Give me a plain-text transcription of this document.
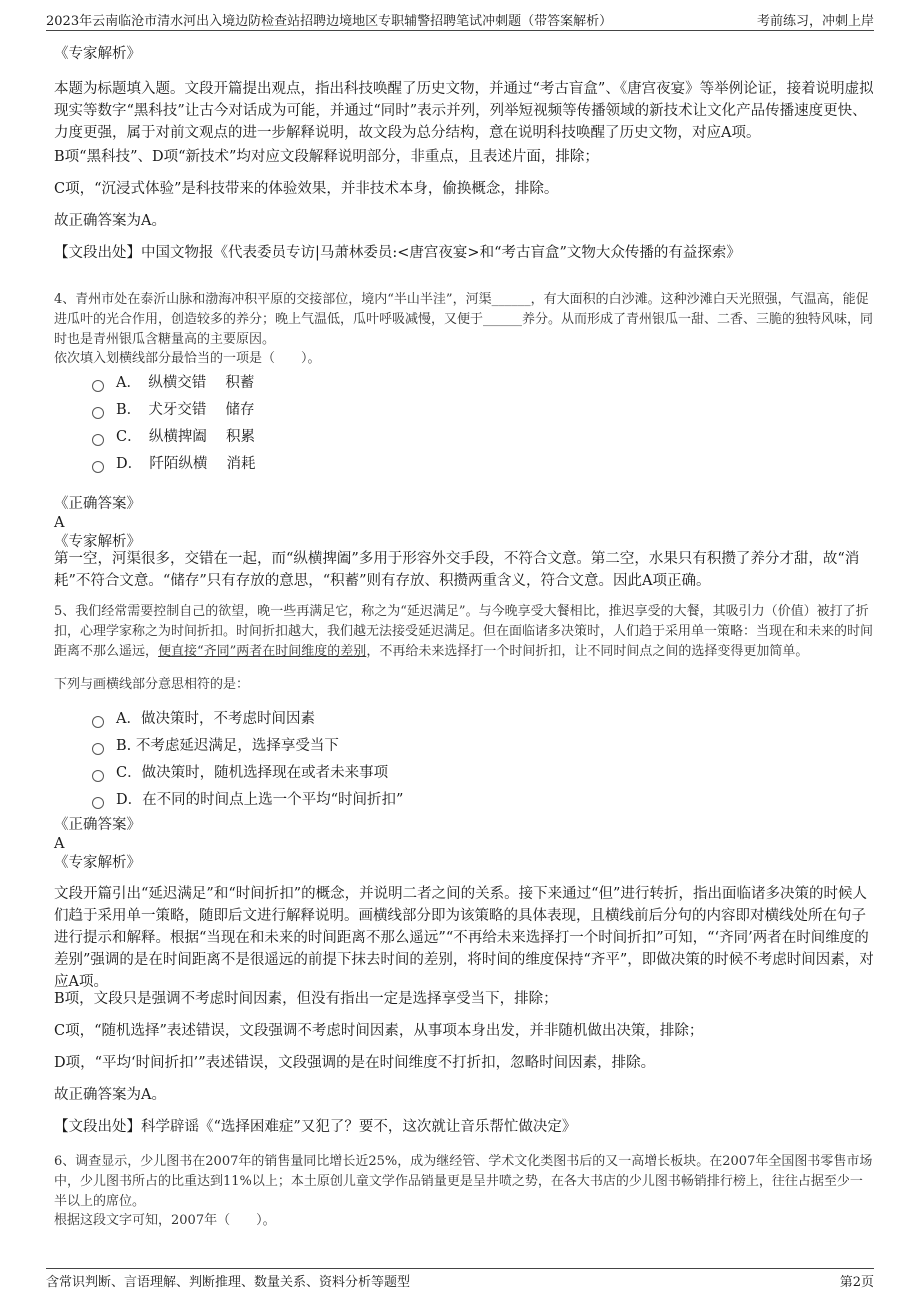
2023年云南临沧市清水河出入境边防检查站招聘边境地区专职辅警招聘笔试冲刺题（带答案解析）	考前练习，冲刺上岸
《专家解析》
本题为标题填入题。文段开篇提出观点，指出科技唤醒了历史文物，并通过“考古盲盒”、《唐宫夜宴》等举例论证，接着说明虚拟现实等数字“黑科技”让古今对话成为可能，并通过“同时”表示并列，列举短视频等传播领域的新技术让文化产品传播速度更快、力度更强，属于对前文观点的进一步解释说明，故文段为总分结构，意在说明科技唤醒了历史文物，对应A项。
B项“黑科技”、D项“新技术”均对应文段解释说明部分，非重点，且表述片面，排除；
C项，“沉浸式体验”是科技带来的体验效果，并非技术本身，偷换概念，排除。
故正确答案为A。
【文段出处】中国文物报《代表委员专访|马萧林委员:<唐宫夜宴>和“考古盲盒”文物大众传播的有益探索》
4、青州市处在泰沂山脉和渤海冲积平原的交接部位，境内“半山半洼”，河渠______，有大面积的白沙滩。这种沙滩白天光照强，气温高，能促进瓜叶的光合作用，创造较多的养分；晚上气温低，瓜叶呼吸减慢，又便于______养分。从而形成了青州银瓜一甜、二香、三脆的独特风味，同时也是青州银瓜含糖量高的主要原因。
依次填入划横线部分最恰当的一项是（　　）。
A．　纵横交错　 积蓄
B．　犬牙交错　 储存
C．　纵横捭阖　 积累
D．　阡陌纵横　 消耗
《正确答案》
A
《专家解析》
第一空，河渠很多，交错在一起，而“纵横捭阖”多用于形容外交手段，不符合文意。第二空，水果只有积攒了养分才甜，故“消耗”不符合文意。“储存”只有存放的意思，“积蓄”则有存放、积攒两重含义，符合文意。因此A项正确。
5、我们经常需要控制自己的欲望，晚一些再满足它，称之为“延迟满足”。与今晚享受大餐相比，推迟享受的大餐，其吸引力（价值）被打了折扣，心理学家称之为时间折扣。时间折扣越大，我们越无法接受延迟满足。但在面临诸多决策时，人们趋于采用单一策略：当现在和未来的时间距离不那么遥远，便直接“齐同”两者在时间维度的差别，不再给未来选择打一个时间折扣，让不同时间点之间的选择变得更加简单。
下列与画横线部分意思相符的是：
A．做决策时，不考虑时间因素
B. 不考虑延迟满足，选择享受当下
C．做决策时，随机选择现在或者未来事项
D．在不同的时间点上选一个平均“时间折扣”
《正确答案》
A
《专家解析》
文段开篇引出“延迟满足”和“时间折扣”的概念，并说明二者之间的关系。接下来通过“但”进行转折，指出面临诸多决策的时候人们趋于采用单一策略，随即后文进行解释说明。画横线部分即为该策略的具体表现，且横线前后分句的内容即对横线处所在句子进行提示和解释。根据“当现在和未来的时间距离不那么遥远”“不再给未来选择打一个时间折扣”可知，“‘齐同’两者在时间维度的差别”强调的是在时间距离不是很遥远的前提下抹去时间的差别，将时间的维度保持“齐平”，即做决策的时候不考虑时间因素，对应A项。
B项，文段只是强调不考虑时间因素，但没有指出一定是选择享受当下，排除；
C项，“随机选择”表述错误，文段强调不考虑时间因素，从事项本身出发，并非随机做出决策，排除；
D项，“平均‘时间折扣’”表述错误，文段强调的是在时间维度不打折扣，忽略时间因素，排除。
故正确答案为A。
【文段出处】科学辟谣《“选择困难症”又犯了？要不，这次就让音乐帮忙做决定》
6、调查显示，少儿图书在2007年的销售量同比增长近25%，成为继经管、学术文化类图书后的又一高增长板块。在2007年全国图书零售市场中，少儿图书所占的比重达到11%以上；本土原创儿童文学作品销量更是呈井喷之势，在各大书店的少儿图书畅销排行榜上，往往占据至少一半以上的席位。
根据这段文字可知，2007年（　　）。
含常识判断、言语理解、判断推理、数量关系、资料分析等题型	第2页
